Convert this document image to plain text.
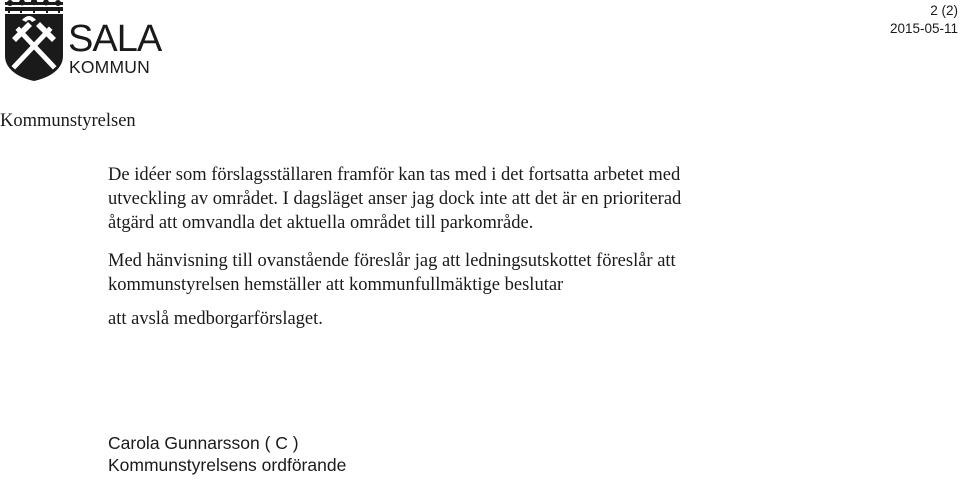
SALA
KOMMUN
2 (2)
2015-05-11
Kommunstyrelsen

De idéer som förslagsställaren framför kan tas med i det fortsatta arbetet med
utveckling av området. I dagsläget anser jag dock inte att det är en prioriterad
åtgärd att omvandla det aktuella området till parkområde.

Med hänvisning till ovanstående föreslår jag att ledningsutskottet föreslår att
kommunstyrelsen hemställer att kommunfullmäktige beslutar

att avslå medborgarförslaget.

Carola Gunnarsson ( C )
Kommunstyrelsens ordförande
